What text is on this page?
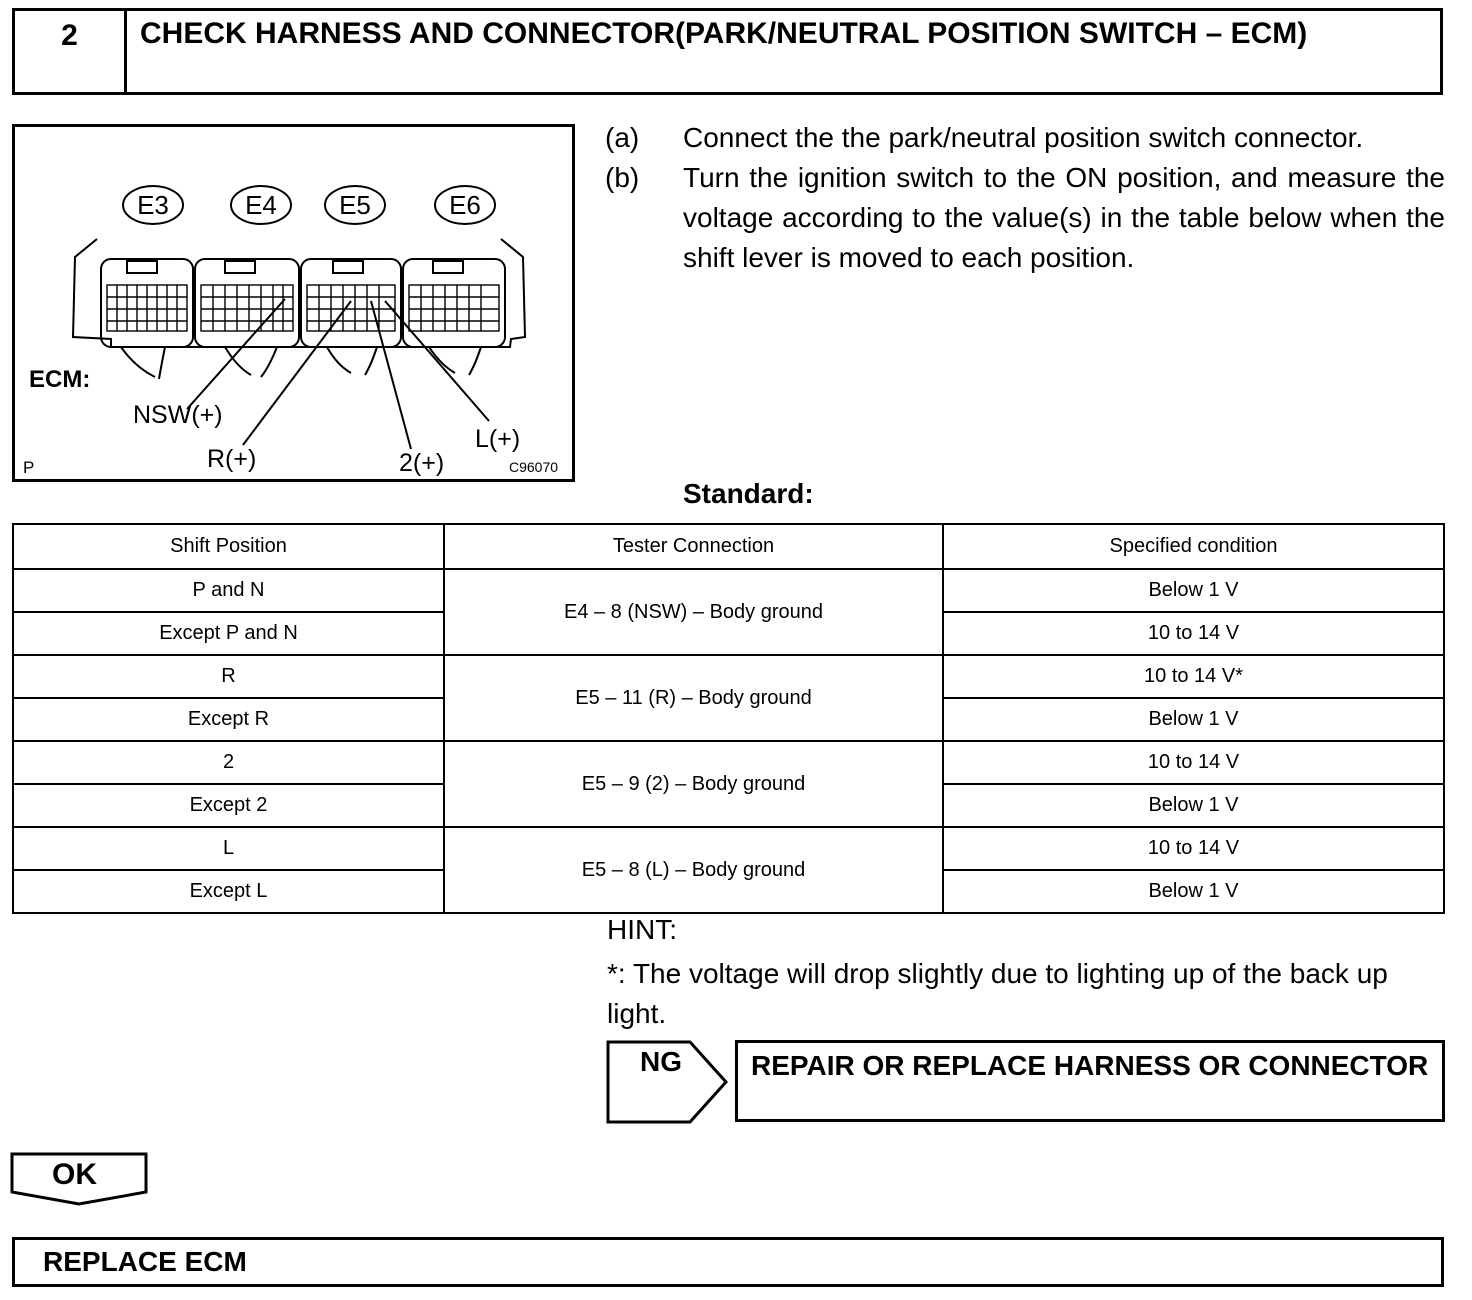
2	CHECK HARNESS AND CONNECTOR(PARK/NEUTRAL POSITION SWITCH – ECM)
E3	E4 E5	E6
ECM:
NSW(+)
R(+)	2(+)
L(+)
P	C96070
(a) Connect the the park/neutral position switch connector.
(b) Turn the ignition switch to the ON position, and measure the voltage according to the value(s) in the table below when the shift lever is moved to each position.
Standard:
Shift Position	Tester Connection	Specified condition
P and N	E4 – 8 (NSW) – Body ground	Below 1 V
Except P and N		10 to 14 V
R	E5 – 11 (R) – Body ground	10 to 14 V*
Except R		Below 1 V
2	E5 – 9 (2) – Body ground	10 to 14 V
Except 2		Below 1 V
L	E5 – 8 (L) – Body ground	10 to 14 V
Except L		Below 1 V
HINT:
*: The voltage will drop slightly due to lighting up of the back up light.
NG REPAIR OR REPLACE HARNESS OR CONNECTOR
OK
REPLACE ECM
